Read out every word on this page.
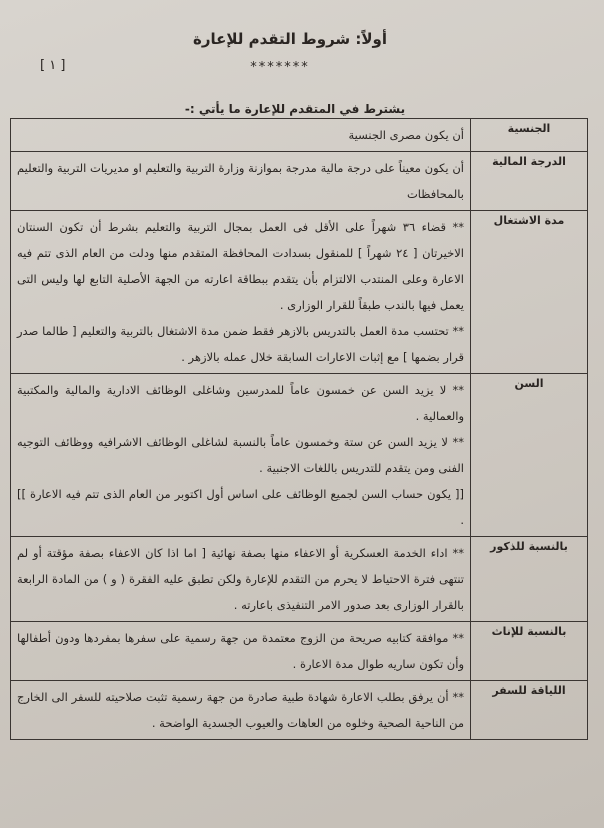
أولاً: شروط التقدم للإعارة
*******
[ ١ ]
يشترط في المتقدم للإعارة ما يأتي :-
الجنسية	أن يكون مصرى الجنسية

الدرجة المالية	أن يكون معيناً على درجة مالية مدرجة بموازنة وزارة التربية والتعليم او مديريات التربية والتعليم بالمحافظات

مدة الاشتغال	** قضاء ٣٦ شهراً على الأقل فى العمل بمجال التربية والتعليم بشرط أن تكون السنتان الاخيرتان [ ٢٤ شهراً ] للمنقول بسدادت المحافظة المتقدم منها ودلت من العام الذى تتم فيه الاعارة وعلى المنتدب الالتزام بأن يتقدم ببطاقة اعارته من الجهة الأصلية التابع لها وليس التى يعمل فيها بالندب طبقاً للقرار الوزارى .

** تحتسب مدة العمل بالتدريس بالازهر فقط ضمن مدة الاشتغال بالتربية والتعليم [ طالما صدر قرار بضمها ] مع إثبات الاعارات السابقة خلال عمله بالازهر .

السن	** لا يزيد السن عن خمسون عاماً للمدرسين وشاغلى الوظائف الادارية والمالية والمكتبية والعمالية .

** لا يزيد السن عن ستة وخمسون عاماً بالنسبة لشاغلى الوظائف الاشرافيه ووظائف التوجيه الفنى ومن يتقدم للتدريس باللغات الاجنبية .

[[ يكون حساب السن لجميع الوظائف على اساس أول اكتوبر من العام الذى تتم فيه الاعارة ]] .

بالنسبة للذكور	** اداء الخدمة العسكرية أو الاعفاء منها بصفة نهائية [ اما اذا كان الاعفاء بصفة مؤقتة أو لم تنتهى فترة الاحتياط لا يحرم من التقدم للإعارة ولكن تطبق عليه الفقرة ( و ) من المادة الرابعة بالقرار الوزارى بعد صدور الامر التنفيذى باعارته .

بالنسبة للإناث	** موافقة كتابيه صريحة من الزوج معتمدة من جهة رسمية على سفرها بمفردها ودون أطفالها وأن تكون ساريه طوال مدة الاعارة .

اللياقة للسفر	** أن يرفق بطلب الاعارة شهادة طبية صادرة من جهة رسمية تثبت صلاحيته للسفر الى الخارج من الناحية الصحية وخلوه من العاهات والعيوب الجسدية الواضحة .
